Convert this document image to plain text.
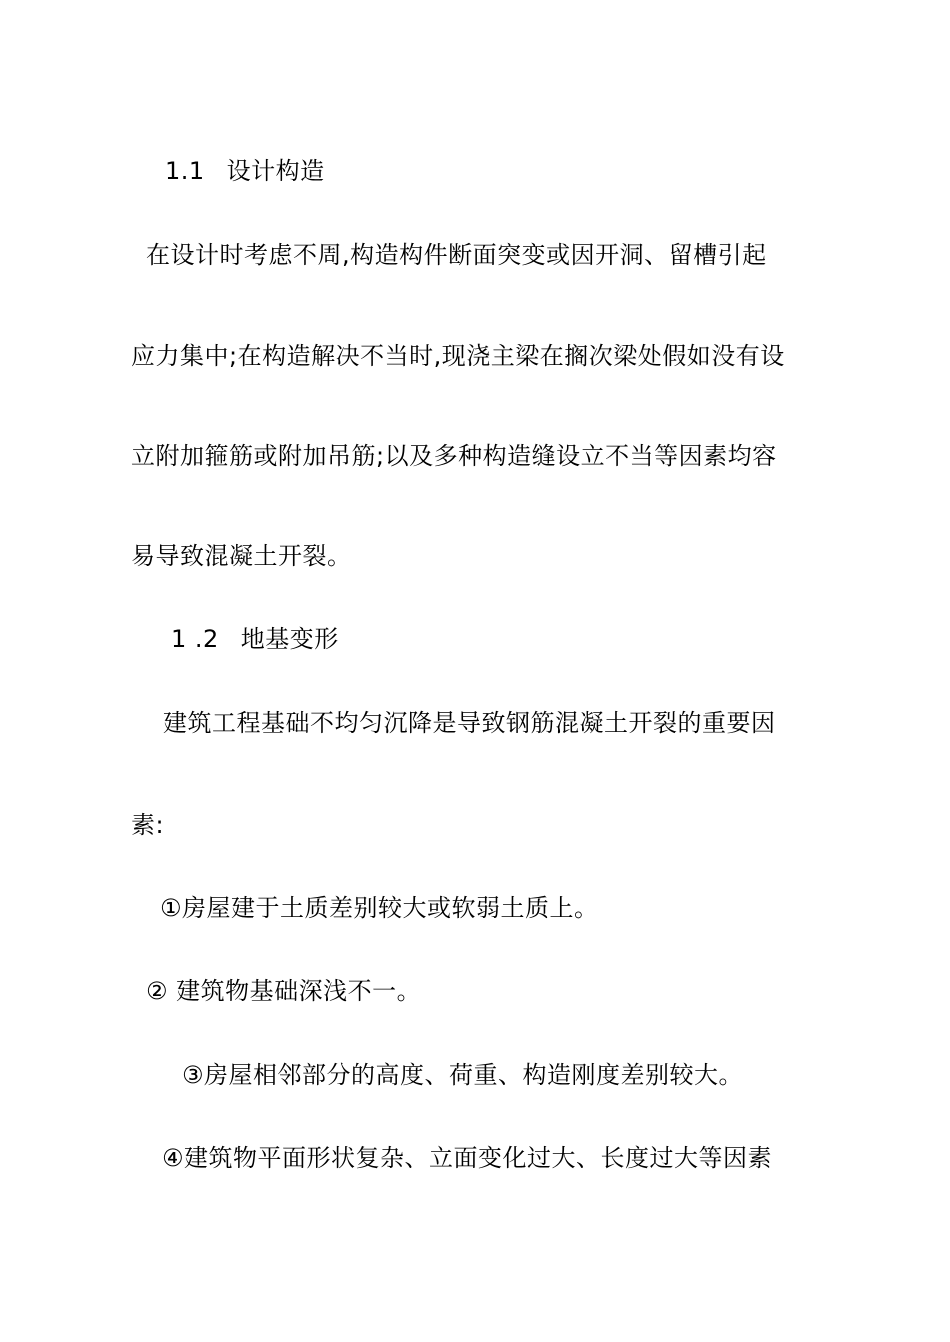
1.1 设计构造
在设计时考虑不周,构造构件断面突变或因开洞、留槽引起
应力集中;在构造解决不当时,现浇主梁在搁次梁处假如没有设
立附加箍筋或附加吊筋;以及多种构造缝设立不当等因素均容
易导致混凝土开裂。
1 .2 地基变形
建筑工程基础不均匀沉降是导致钢筋混凝土开裂的重要因
素:
①房屋建于土质差别较大或软弱土质上。
② 建筑物基础深浅不一。
③房屋相邻部分的高度、荷重、构造刚度差别较大。
④建筑物平面形状复杂、立面变化过大、长度过大等因素
